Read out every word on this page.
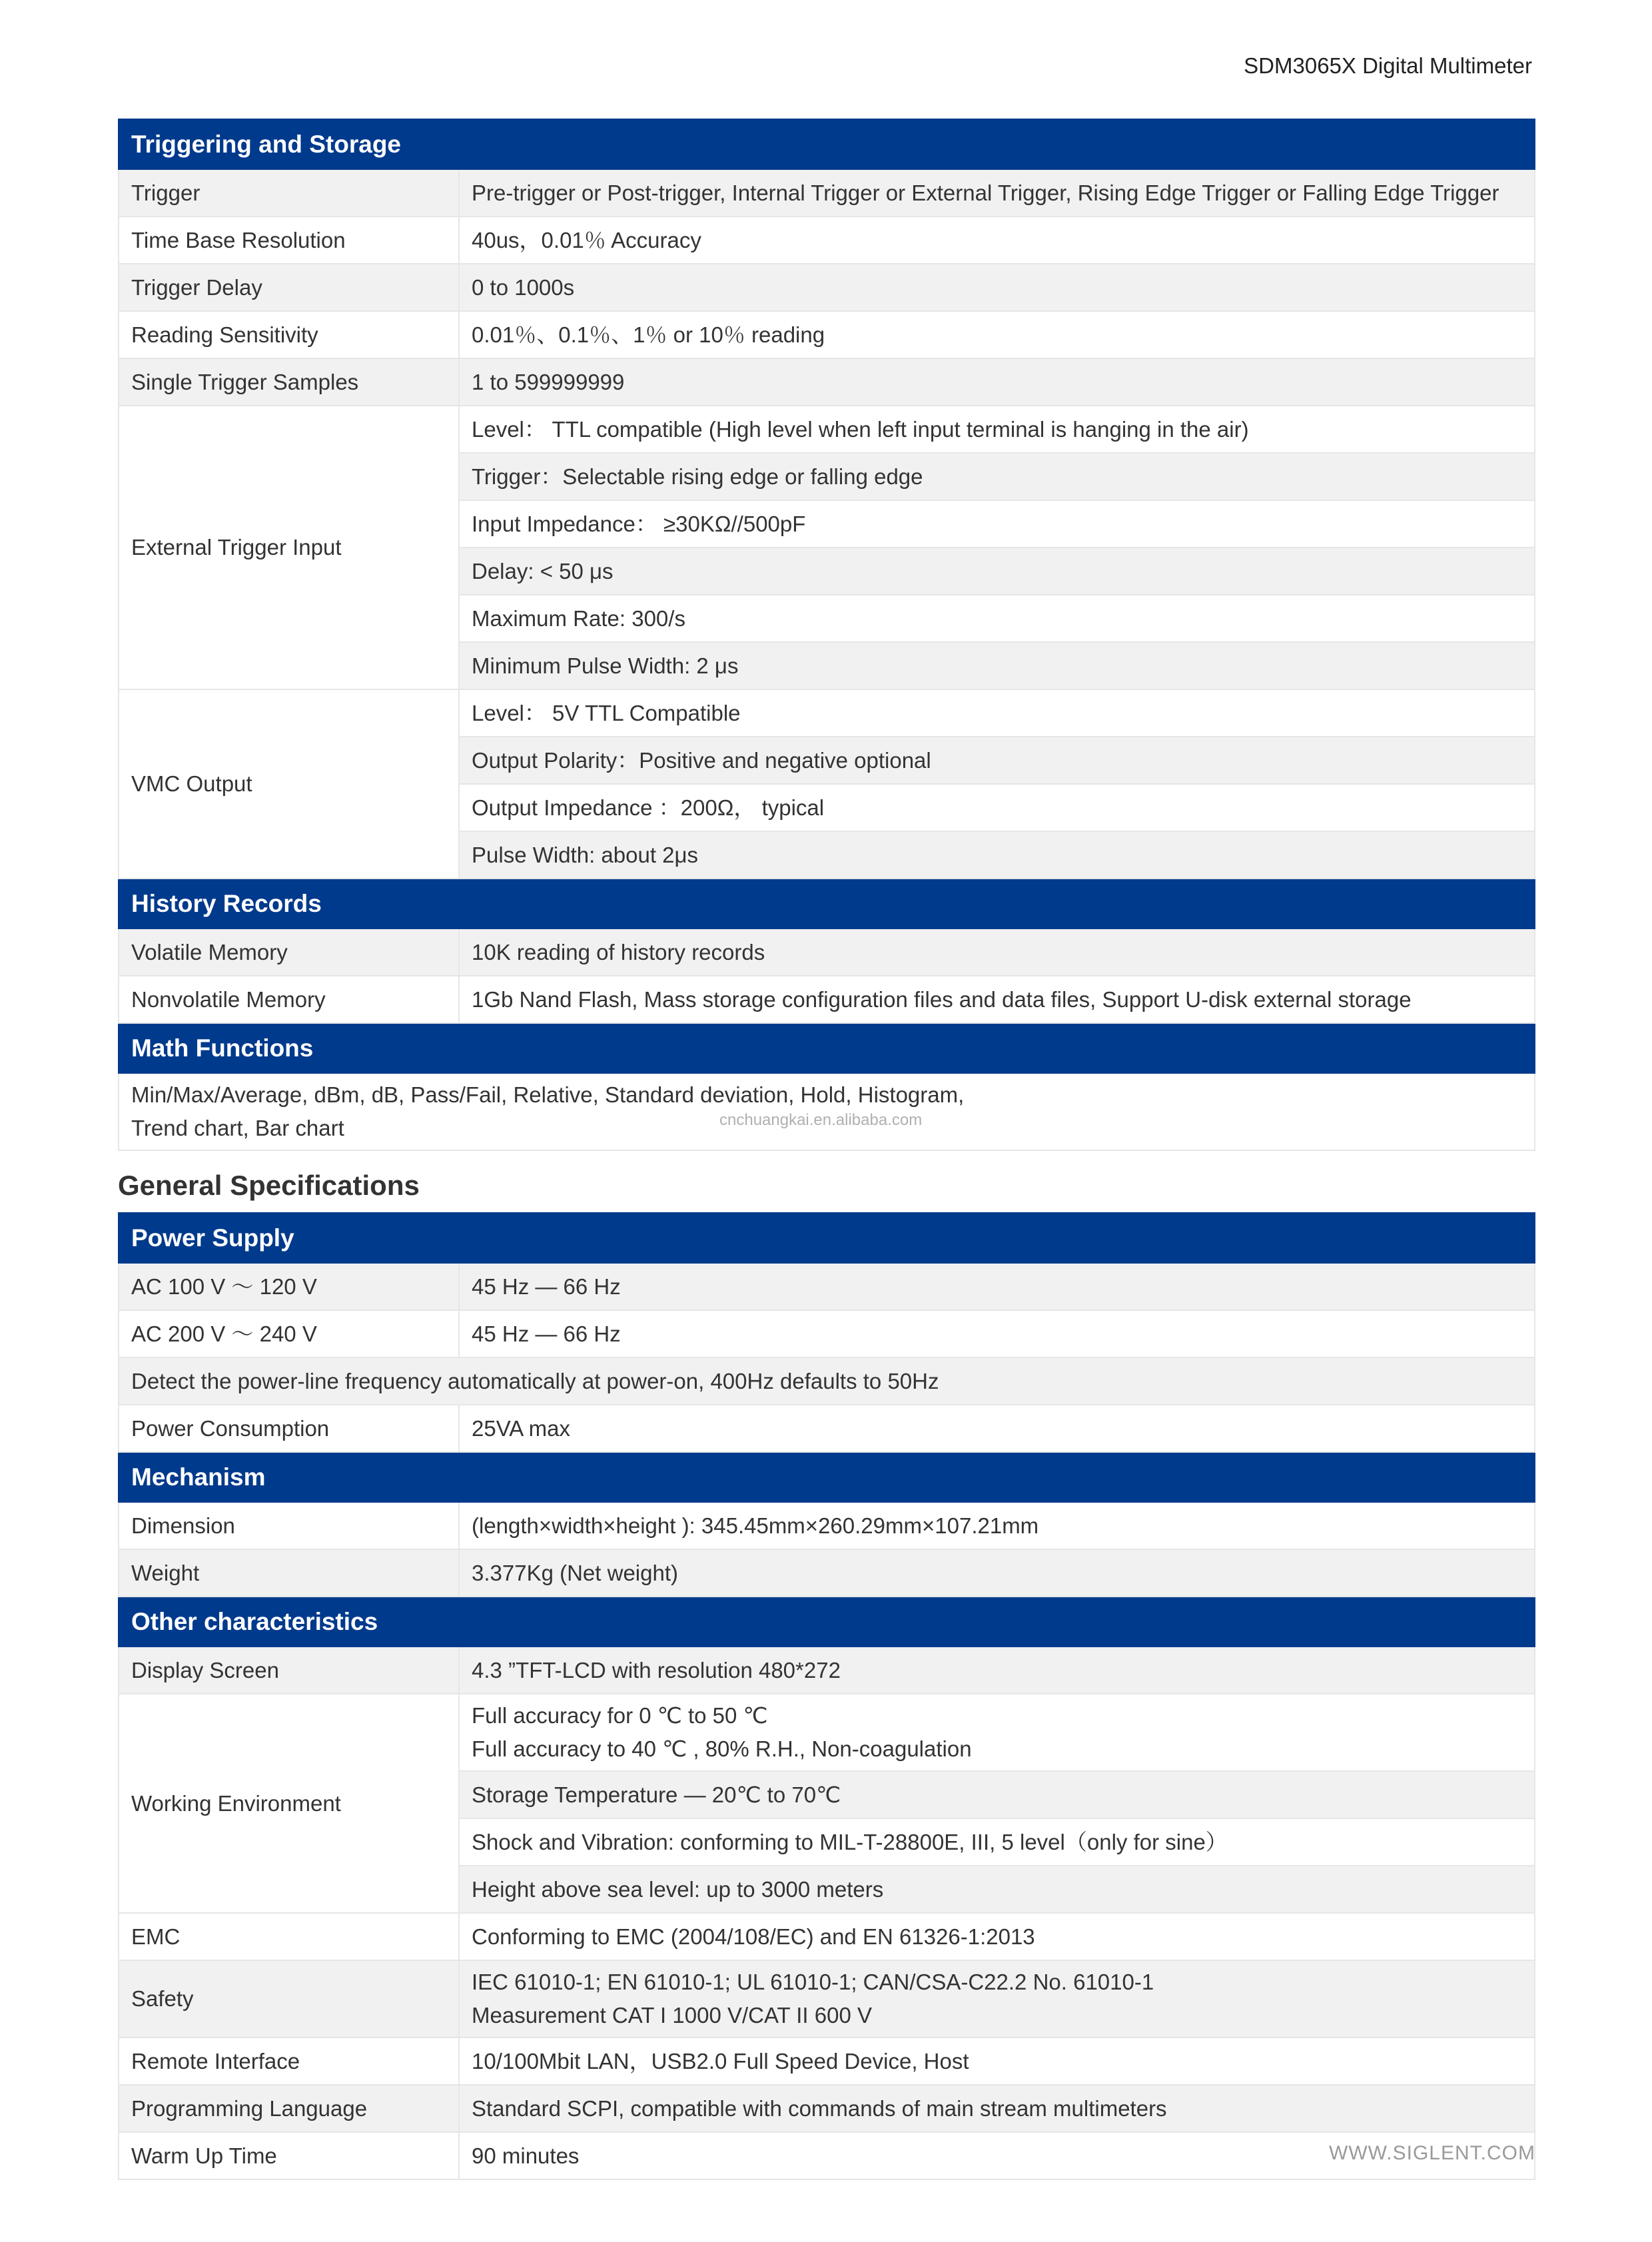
SDM3065X Digital Multimeter
Triggering and Storage	
Trigger	Pre-trigger or Post-trigger, Internal Trigger or External Trigger, Rising Edge Trigger or Falling Edge Trigger
Time Base Resolution	40us，0.01％ Accuracy
Trigger Delay	0 to 1000s
Reading Sensitivity	0.01％、0.1％、1％ or 10％ reading
Single Trigger Samples	1 to 599999999
External Trigger Input	Level： TTL compatible (High level when left input terminal is hanging in the air)
	Trigger：Selectable rising edge or falling edge
	Input Impedance： ≥30KΩ//500pF
	Delay: < 50 μs
	Maximum Rate: 300/s
	Minimum Pulse Width: 2 μs
VMC Output	Level： 5V TTL Compatible
	Output Polarity：Positive and negative optional
	Output Impedance ：200Ω， typical
	Pulse Width: about 2μs
History Records	
Volatile Memory	10K reading of history records
Nonvolatile Memory	1Gb Nand Flash, Mass storage configuration files and data files, Support U-disk external storage
Math Functions	

Min/Max/Average, dBm, dB, Pass/Fail, Relative, Standard deviation, Hold, Histogram,
Trend chart, Bar chart	
General Specifications
Power Supply	
AC 100 V ～ 120 V	45 Hz — 66 Hz
AC 200 V ～ 240 V	45 Hz — 66 Hz
Detect the power-line frequency automatically at power-on, 400Hz defaults to 50Hz	
Power Consumption	25VA max
Mechanism	
Dimension	(length×width×height ): 345.45mm×260.29mm×107.21mm
Weight	3.377Kg (Net weight)
Other characteristics	
Display Screen	4.3 ”TFT-LCD with resolution 480*272
Working Environment	Full accuracy for 0 ℃ to 50 ℃
Full accuracy to 40 ℃ , 80% R.H., Non-coagulation

	Storage Temperature — 20℃ to 70℃
	Shock and Vibration: conforming to MIL-T-28800E, III, 5 level（only for sine）
	Height above sea level: up to 3000 meters
EMC	Conforming to EMC (2004/108/EC) and EN 61326-1:2013
Safety	IEC 61010-1; EN 61010-1; UL 61010-1; CAN/CSA-C22.2 No. 61010-1
Measurement CAT I 1000 V/CAT II 600 V

Remote Interface	10/100Mbit LAN，USB2.0 Full Speed Device, Host
Programming Language	Standard SCPI, compatible with commands of main stream multimeters
Warm Up Time	90 minutes
cnchuangkai.en.alibaba.com
WWW.SIGLENT.COM
